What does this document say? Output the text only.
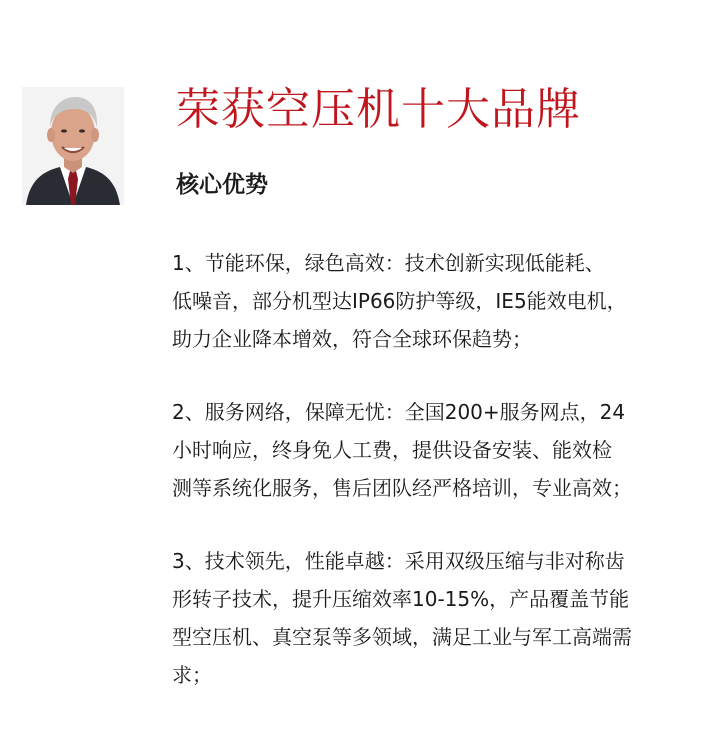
荣获空压机十大品牌
核心优势
1、节能环保，绿色高效：技术创新实现低能耗、
低噪音，部分机型达IP66防护等级，IE5能效电机，
助力企业降本增效，符合全球环保趋势；
2、服务网络，保障无忧：全国200+服务网点，24
小时响应，终身免人工费，提供设备安装、能效检
测等系统化服务，售后团队经严格培训，专业高效；
3、技术领先，性能卓越：采用双级压缩与非对称齿
形转子技术，提升压缩效率10-15%，产品覆盖节能
型空压机、真空泵等多领域，满足工业与军工高端需
求；
